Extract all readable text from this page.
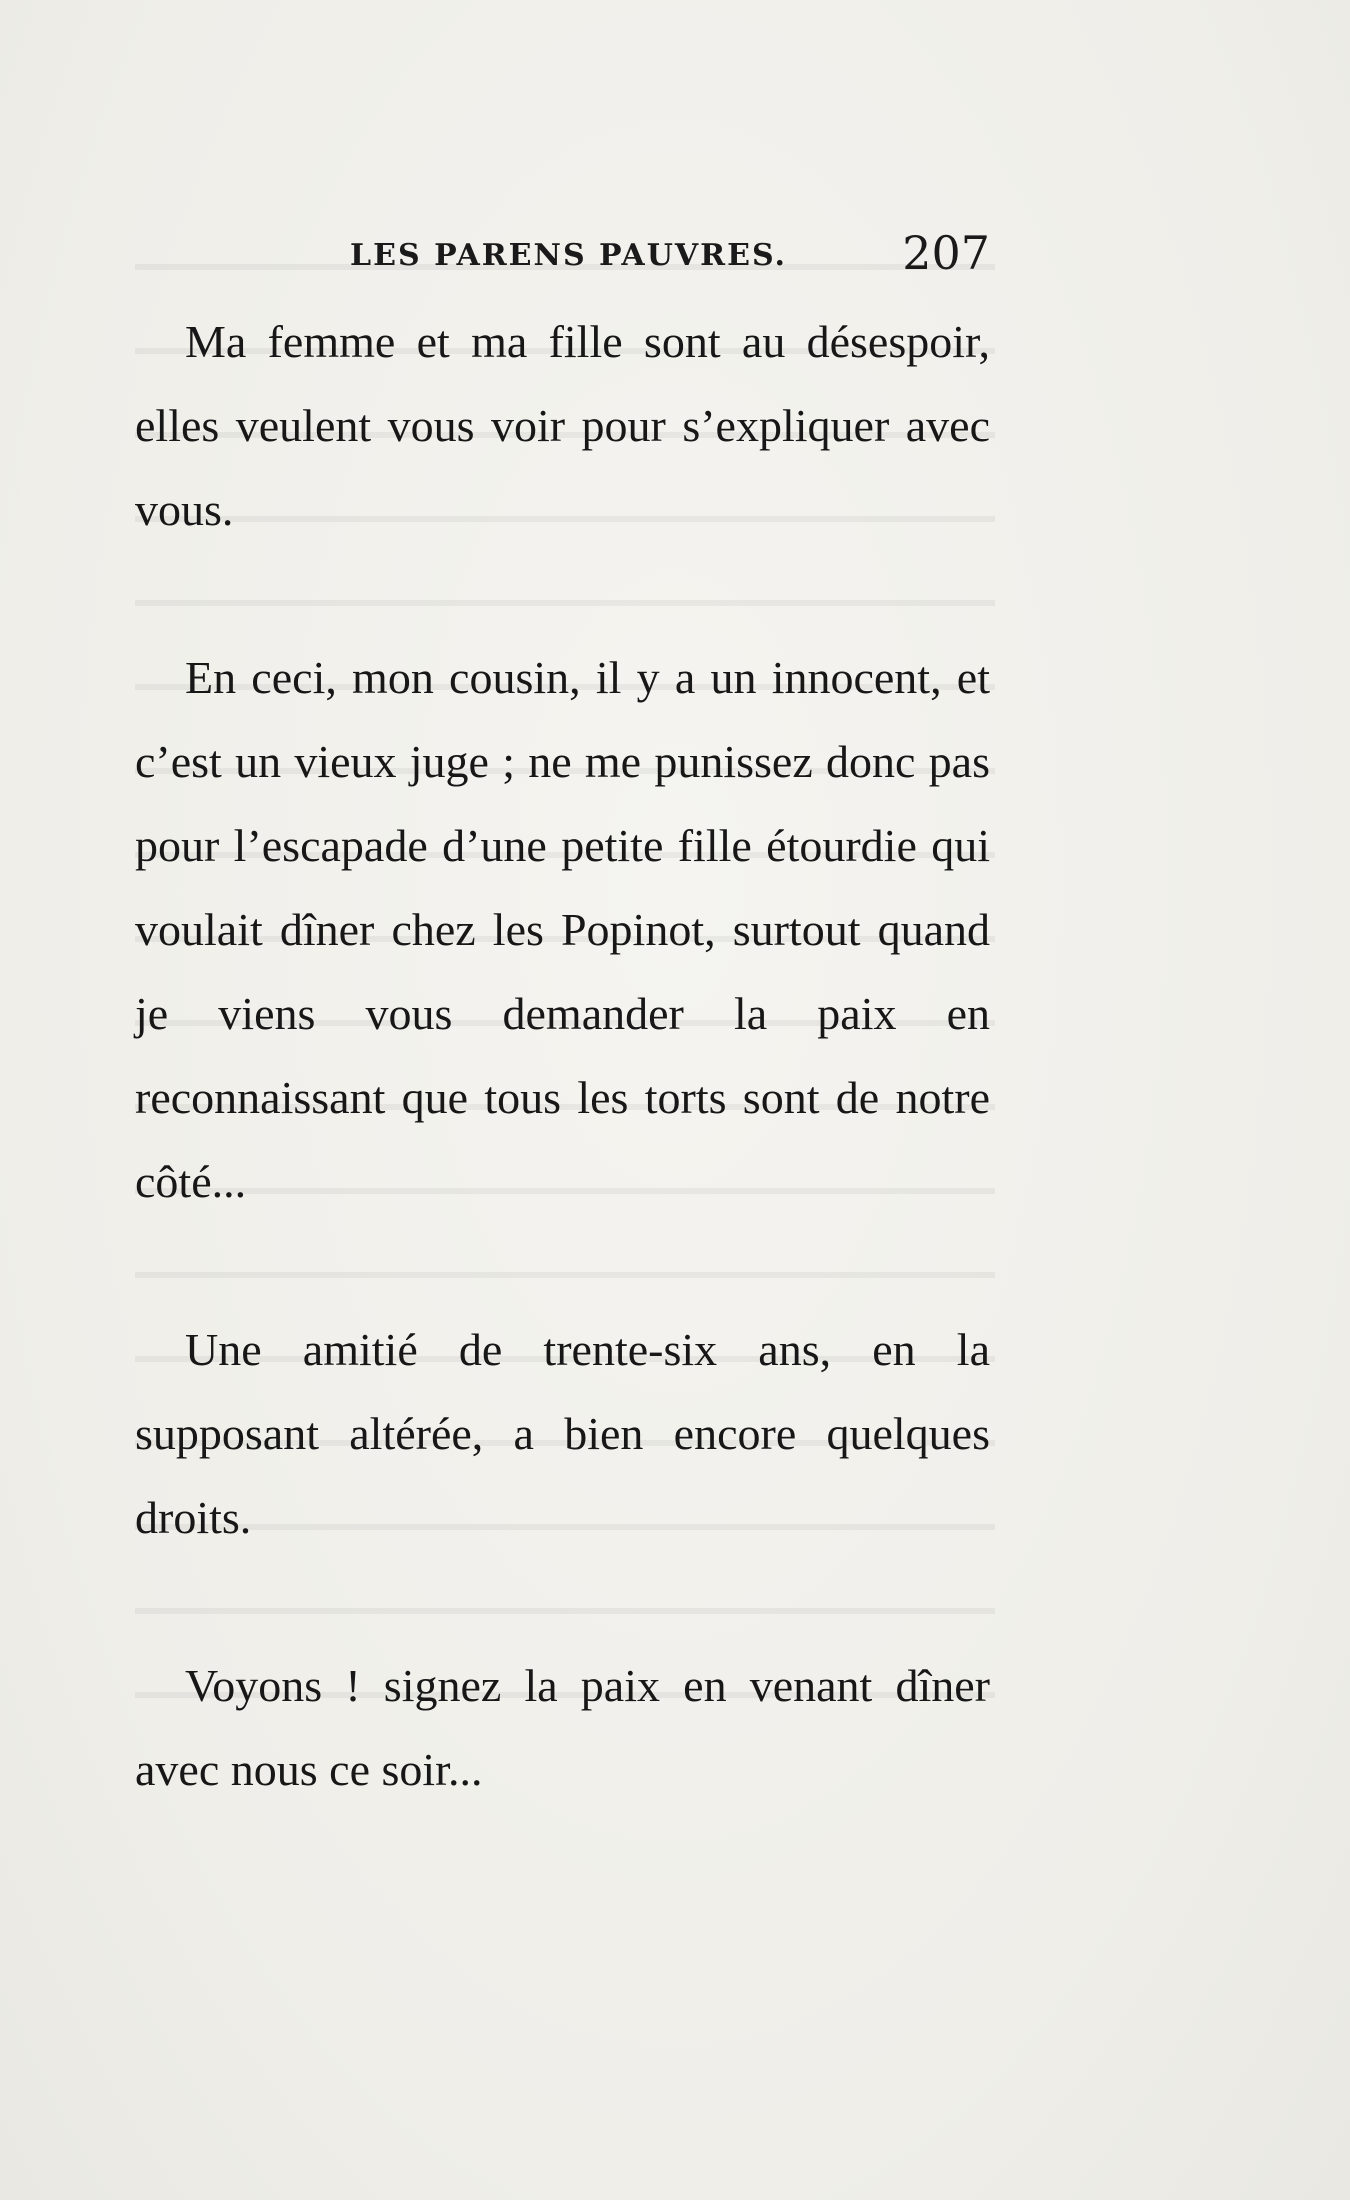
LES PARENS PAUVRES.	207

Ma femme et ma fille sont au désespoir, elles veulent vous voir pour s’expliquer avec vous.

En ceci, mon cousin, il y a un innocent, et c’est un vieux juge ; ne me punissez donc pas pour l’escapade d’une petite fille étourdie qui voulait dîner chez les Popinot, surtout quand je viens vous demander la paix en reconnaissant que tous les torts sont de notre côté...

Une amitié de trente-six ans, en la supposant altérée, a bien encore quelques droits.

Voyons ! signez la paix en venant dîner avec nous ce soir...
